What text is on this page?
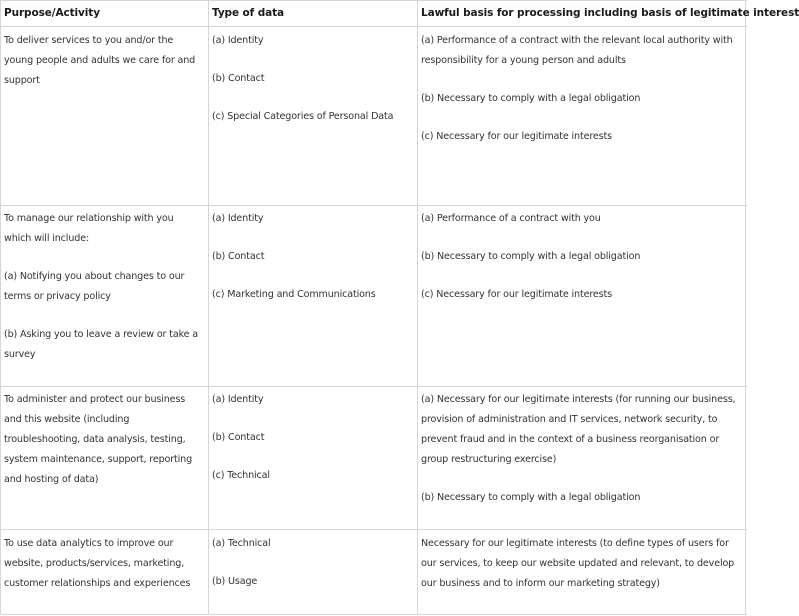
Purpose/Activity	Type of data	Lawful basis for processing including basis of legitimate interest

To deliver services to you and/or the

young people and adults we care for and

support

(a) Identity

(b) Contact

(c) Special Categories of Personal Data

(a) Performance of a contract with the relevant local authority with

responsibility for a young person and adults

(b) Necessary to comply with a legal obligation

(c) Necessary for our legitimate interests

To manage our relationship with you

which will include:

(a) Notifying you about changes to our

terms or privacy policy

(b) Asking you to leave a review or take a

survey

(a) Identity

(b) Contact

(c) Marketing and Communications

(a) Performance of a contract with you

(b) Necessary to comply with a legal obligation

(c) Necessary for our legitimate interests

To administer and protect our business

and this website (including

troubleshooting, data analysis, testing,

system maintenance, support, reporting

and hosting of data)

(a) Identity

(b) Contact

(c) Technical

(a) Necessary for our legitimate interests (for running our business,

provision of administration and IT services, network security, to

prevent fraud and in the context of a business reorganisation or

group restructuring exercise)

(b) Necessary to comply with a legal obligation

To use data analytics to improve our

website, products/services, marketing,

customer relationships and experiences

(a) Technical

(b) Usage

Necessary for our legitimate interests (to define types of users for

our services, to keep our website updated and relevant, to develop

our business and to inform our marketing strategy)
